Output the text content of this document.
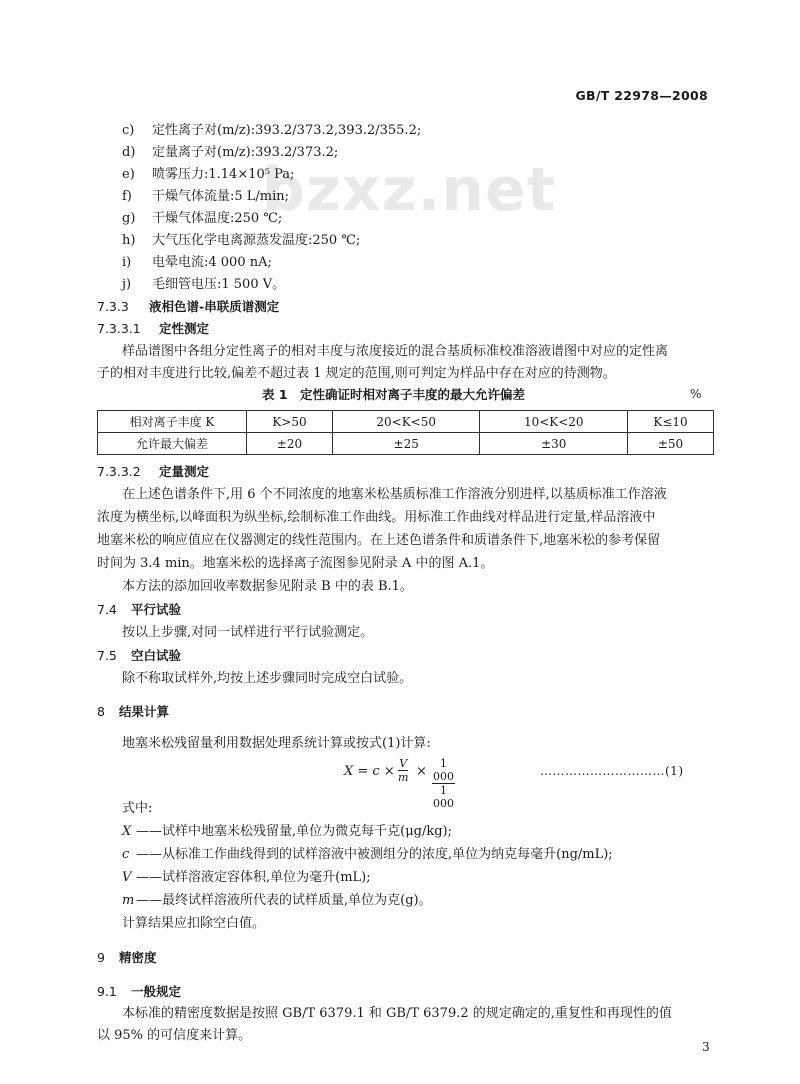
bzxz.net
GB/T 22978—2008
c) 定性离子对(m/z):393.2/373.2,393.2/355.2;
d) 定量离子对(m/z):393.2/373.2;
e) 喷雾压力:1.14×10⁵ Pa;
f) 干燥气体流量:5 L/min;
g) 干燥气体温度:250 ℃;
h) 大气压化学电离源蒸发温度:250 ℃;
i) 电晕电流:4 000 nA;
j) 毛细管电压:1 500 V。
7.3.3 液相色谱-串联质谱测定
7.3.3.1 定性测定
样品谱图中各组分定性离子的相对丰度与浓度接近的混合基质标准校准溶液谱图中对应的定性离
子的相对丰度进行比较,偏差不超过表 1 规定的范围,则可判定为样品中存在对应的待测物。
表 1　定性确证时相对离子丰度的最大允许偏差	%
相对离子丰度 K	K>50	20<K<50	10<K<20	K≤10
允许最大偏差	±20	±25	±30	±50
7.3.3.2 定量测定
在上述色谱条件下,用 6 个不同浓度的地塞米松基质标准工作溶液分别进样,以基质标准工作溶液
浓度为横坐标,以峰面积为纵坐标,绘制标准工作曲线。用标准工作曲线对样品进行定量,样品溶液中
地塞米松的响应值应在仪器测定的线性范围内。在上述色谱条件和质谱条件下,地塞米松的参考保留
时间为 3.4 min。地塞米松的选择离子流图参见附录 A 中的图 A.1。
本方法的添加回收率数据参见附录 B 中的表 B.1。
7.4 平行试验
按以上步骤,对同一试样进行平行试验测定。
7.5 空白试验
除不称取试样外,均按上述步骤同时完成空白试验。
8 结果计算
地塞米松残留量利用数据处理系统计算或按式(1)计算:
$X = c \times \frac{V}{m} \times \frac{1 000}{1 000}$	…………………………(1)
式中:
X ——试样中地塞米松残留量,单位为微克每千克(μg/kg);
c ——从标准工作曲线得到的试样溶液中被测组分的浓度,单位为纳克每毫升(ng/mL);
V ——试样溶液定容体积,单位为毫升(mL);
m ——最终试样溶液所代表的试样质量,单位为克(g)。
计算结果应扣除空白值。
9 精密度
9.1 一般规定
本标准的精密度数据是按照 GB/T 6379.1 和 GB/T 6379.2 的规定确定的,重复性和再现性的值
以 95% 的可信度来计算。
3
